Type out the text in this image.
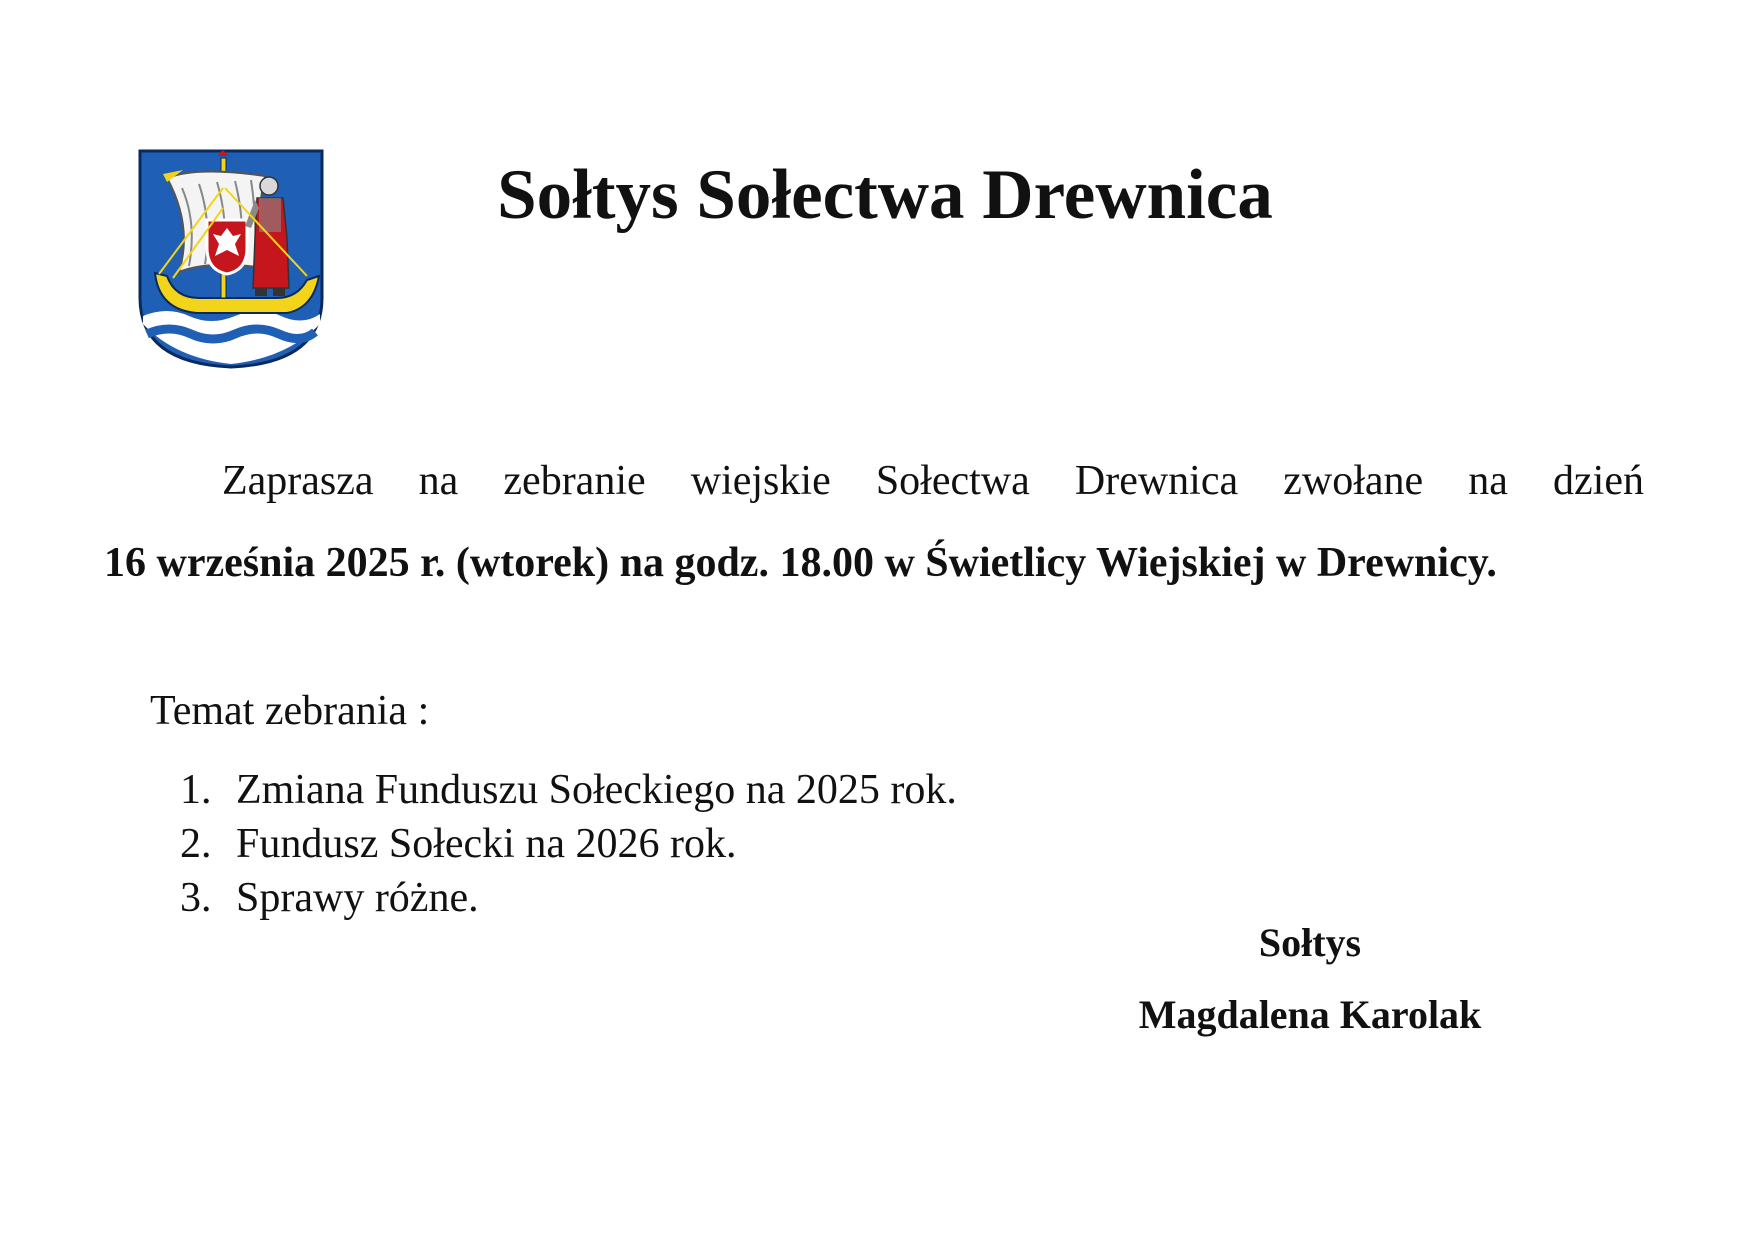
Sołtys Sołectwa Drewnica

Zaprasza na zebranie wiejskie Sołectwa Drewnica zwołane na dzień
16 września 2025 r. (wtorek) na godz. 18.00 w Świetlicy Wiejskiej w Drewnicy.

Temat zebrania :

1. Zmiana Funduszu Sołeckiego na 2025 rok.
2. Fundusz Sołecki na 2026 rok.
3. Sprawy różne.
Sołtys
Magdalena Karolak
